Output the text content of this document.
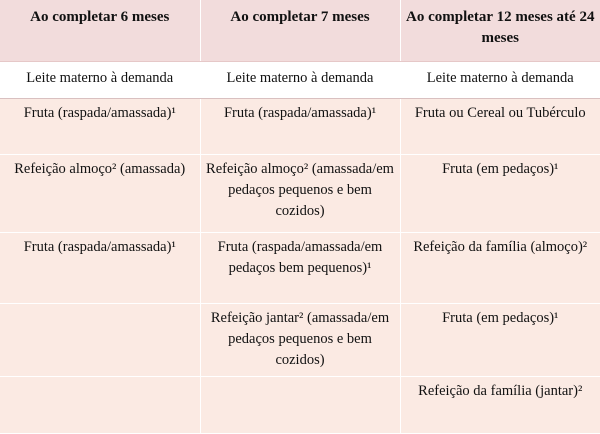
Ao completar 6 meses	Ao completar 7 meses	Ao completar 12 meses até 24 meses
Leite materno à demanda	Leite materno à demanda	Leite materno à demanda
Fruta (raspada/amassada)¹	Fruta (raspada/amassada)¹	Fruta ou Cereal ou Tubérculo
Refeição almoço² (amassada)	Refeição almoço² (amassada/em pedaços pequenos e bem cozidos)	Fruta (em pedaços)¹
Fruta (raspada/amassada)¹	Fruta (raspada/amassada/em pedaços bem pequenos)¹	Refeição da família (almoço)²
	Refeição jantar² (amassada/em pedaços pequenos e bem cozidos)	Fruta (em pedaços)¹
		Refeição da família (jantar)²
